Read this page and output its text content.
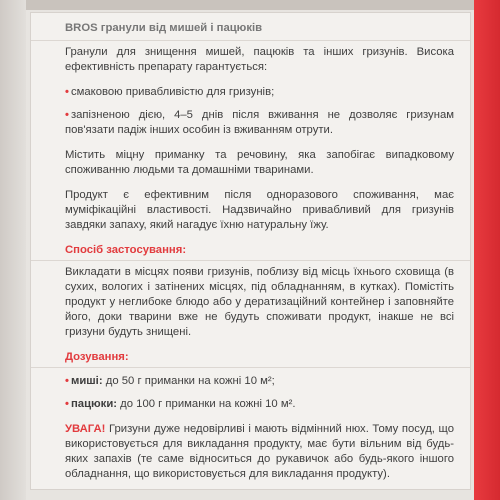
BROS гранули від мишей і пацюків

Гранули для знищення мишей, пацюків та інших гризунів. Висока ефективність препарату гарантується:

• смаковою привабливістю для гризунів;
• запізненою дією, 4–5 днів після вживання не дозволяє гризунам пов'язати падіж інших особин із вживанням отрути.

Містить міцну приманку та речовину, яка запобігає випадковому споживанню людьми та домашніми тваринами.

Продукт є ефективним після одноразового споживання, має муміфікаційні властивості. Надзвичайно привабливий для гризунів завдяки запаху, який нагадує їхню натуральну їжу.

Спосіб застосування:

Викладати в місцях появи гризунів, поблизу від місць їхнього сховища (в сухих, вологих і затінених місцях, під обладнанням, в кутках). Помістіть продукт у неглибоке блюдо або у дератизаційний контейнер і заповняйте його, доки тварини вже не будуть споживати продукт, інакше не всі гризуни будуть знищені.

Дозування:
• миші: до 50 г приманки на кожні 10 м²;
• пацюки: до 100 г приманки на кожні 10 м².

УВАГА! Гризуни дуже недовірливі і мають відмінний нюх. Тому посуд, що використовується для викладання продукту, має бути вільним від будь-яких запахів (те саме відноситься до рукавичок або будь-якого іншого обладнання, що використовується для викладання продукту).
